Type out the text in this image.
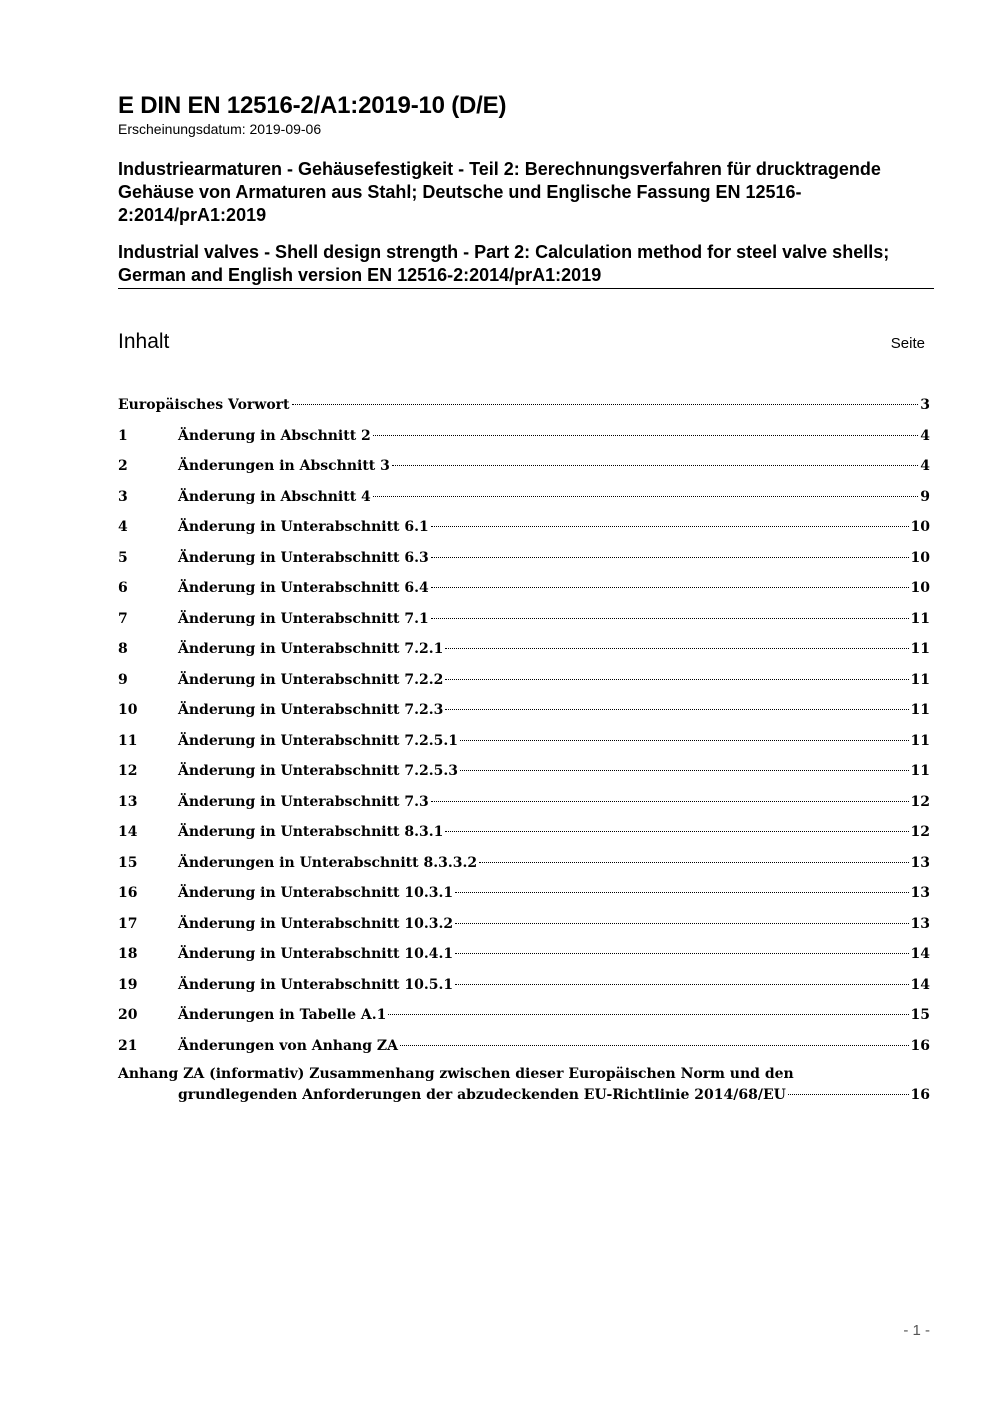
E DIN EN 12516-2/A1:2019-10 (D/E)
Erscheinungsdatum: 2019-09-06
Industriearmaturen - Gehäusefestigkeit - Teil 2: Berechnungsverfahren für drucktragende Gehäuse von Armaturen aus Stahl; Deutsche und Englische Fassung EN 12516-2:2014/prA1:2019
Industrial valves - Shell design strength - Part 2: Calculation method for steel valve shells; German and English version EN 12516-2:2014/prA1:2019
Inhalt	Seite
Europäisches Vorwort	3
1	Änderung in Abschnitt 2	4
2	Änderungen in Abschnitt 3	4
3	Änderung in Abschnitt 4	9
4	Änderung in Unterabschnitt 6.1	10
5	Änderung in Unterabschnitt 6.3	10
6	Änderung in Unterabschnitt 6.4	10
7	Änderung in Unterabschnitt 7.1	11
8	Änderung in Unterabschnitt 7.2.1	11
9	Änderung in Unterabschnitt 7.2.2	11
10	Änderung in Unterabschnitt 7.2.3	11
11	Änderung in Unterabschnitt 7.2.5.1	11
12	Änderung in Unterabschnitt 7.2.5.3	11
13	Änderung in Unterabschnitt 7.3	12
14	Änderung in Unterabschnitt 8.3.1	12
15	Änderungen in Unterabschnitt 8.3.3.2	13
16	Änderung in Unterabschnitt 10.3.1	13
17	Änderung in Unterabschnitt 10.3.2	13
18	Änderung in Unterabschnitt 10.4.1	14
19	Änderung in Unterabschnitt 10.5.1	14
20	Änderungen in Tabelle A.1	15
21	Änderungen von Anhang ZA	16
Anhang ZA (informativ) Zusammenhang zwischen dieser Europäischen Norm und den
grundlegenden Anforderungen der abzudeckenden EU-Richtlinie 2014/68/EU	16
- 1 -
